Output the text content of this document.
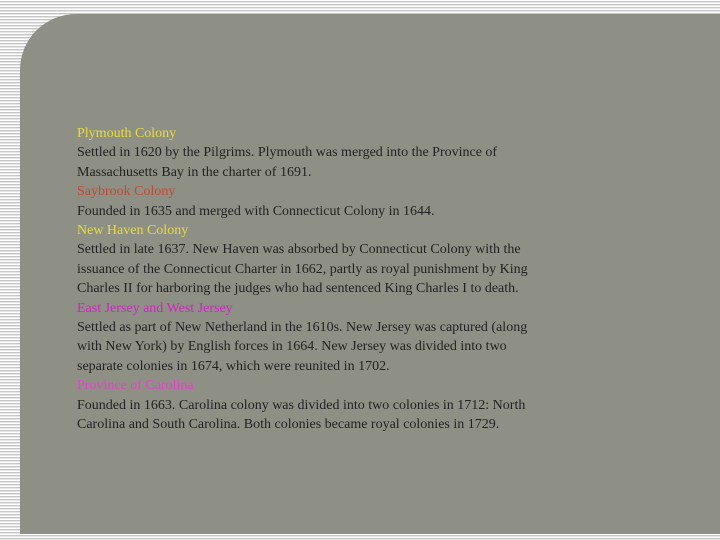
Plymouth Colony
Settled in 1620 by the Pilgrims. Plymouth was merged into the Province of
Massachusetts Bay in the charter of 1691.
Saybrook Colony
Founded in 1635 and merged with Connecticut Colony in 1644.
New Haven Colony
Settled in late 1637. New Haven was absorbed by Connecticut Colony with the
issuance of the Connecticut Charter in 1662, partly as royal punishment by King
Charles II for harboring the judges who had sentenced King Charles I to death.
East Jersey and West Jersey
Settled as part of New Netherland in the 1610s. New Jersey was captured (along
with New York) by English forces in 1664. New Jersey was divided into two
separate colonies in 1674, which were reunited in 1702.
Province of Carolina
Founded in 1663. Carolina colony was divided into two colonies in 1712: North
Carolina and South Carolina. Both colonies became royal colonies in 1729.
